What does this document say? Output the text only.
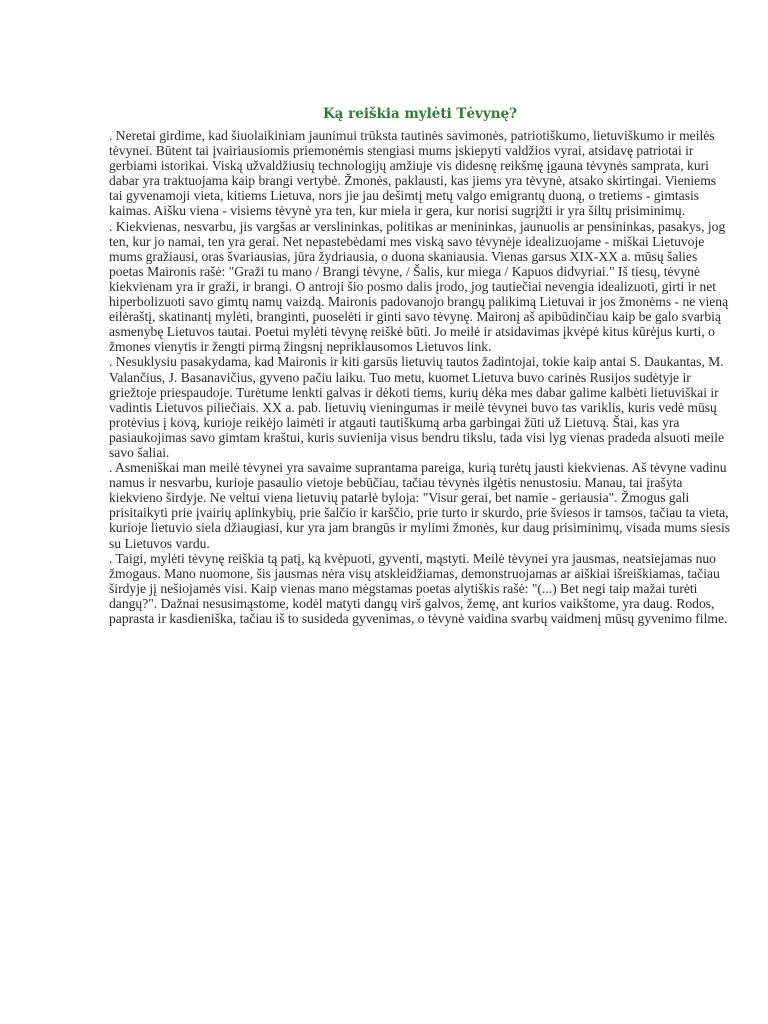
Ką reiškia mylėti Tėvynę?

. Neretai girdime, kad šiuolaikiniam jaunimui trūksta tautinės savimonės, patriotiškumo, lietuviškumo ir meilės tėvynei. Būtent tai įvairiausiomis priemonėmis stengiasi mums įskiepyti valdžios vyrai, atsidavę patriotai ir gerbiami istorikai. Viską užvaldžiusių technologijų amžiuje vis didesnę reikšmę įgauna tėvynės samprata, kuri dabar yra traktuojama kaip brangi vertybė. Žmonės, paklausti, kas jiems yra tėvynė, atsako skirtingai. Vieniems tai gyvenamoji vieta, kitiems Lietuva, nors jie jau dešimtį metų valgo emigrantų duoną, o tretiems - gimtasis kaimas. Aišku viena - visiems tėvynė yra ten, kur miela ir gera, kur norisi sugrįžti ir yra šiltų prisiminimų.

. Kiekvienas, nesvarbu, jis vargšas ar verslininkas, politikas ar menininkas, jaunuolis ar pensininkas, pasakys, jog ten, kur jo namai, ten yra gerai. Net nepastebėdami mes viską savo tėvynėje idealizuojame - miškai Lietuvoje mums gražiausi, oras švariausias, jūra žydriausia, o duona skaniausia. Vienas garsus XIX-XX a. mūsų šalies poetas Maironis rašė: "Graži tu mano / Brangi tėvyne, / Šalis, kur miega / Kapuos didvyriai." Iš tiesų, tėvynė kiekvienam yra ir graži, ir brangi. O antroji šio posmo dalis įrodo, jog tautiečiai nevengia idealizuoti, girti ir net hiperbolizuoti savo gimtų namų vaizdą. Maironis padovanojo brangų palikimą Lietuvai ir jos žmonėms - ne vieną eilėraštį, skatinantį mylėti, branginti, puoselėti ir ginti savo tėvynę. Maironį aš apibūdinčiau kaip be galo svarbią asmenybę Lietuvos tautai. Poetui mylėti tėvynę reiškė būti. Jo meilė ir atsidavimas įkvėpė kitus kūrėjus kurti, o žmones vienytis ir žengti pirmą žingsnį nepriklausomos Lietuvos link.

. Nesuklysiu pasakydama, kad Maironis ir kiti garsūs lietuvių tautos žadintojai, tokie kaip antai S. Daukantas, M. Valančius, J. Basanavičius, gyveno pačiu laiku. Tuo metu, kuomet Lietuva buvo carinės Rusijos sudėtyje ir griežtoje priespaudoje. Turėtume lenkti galvas ir dėkoti tiems, kurių dėka mes dabar galime kalbėti lietuviškai ir vadintis Lietuvos piliečiais. XX a. pab. lietuvių vieningumas ir meilė tėvynei buvo tas variklis, kuris vedė mūsų protėvius į kovą, kurioje reikėjo laimėti ir atgauti tautiškumą arba garbingai žūti už Lietuvą. Štai, kas yra pasiaukojimas savo gimtam kraštui, kuris suvienija visus bendru tikslu, tada visi lyg vienas pradeda alsuoti meile savo šaliai.

. Asmeniškai man meilė tėvynei yra savaime suprantama pareiga, kurią turėtų jausti kiekvienas. Aš tėvyne vadinu namus ir nesvarbu, kurioje pasaulio vietoje bebūčiau, tačiau tėvynės ilgėtis nenustosiu. Manau, tai įrašyta kiekvieno širdyje. Ne veltui viena lietuvių patarlė byloja: "Visur gerai, bet namie - geriausia". Žmogus gali prisitaikyti prie įvairių aplinkybių, prie šalčio ir karščio, prie turto ir skurdo, prie šviesos ir tamsos, tačiau ta vieta, kurioje lietuvio siela džiaugiasi, kur yra jam brangūs ir mylimi žmonės, kur daug prisiminimų, visada mums siesis su Lietuvos vardu.

. Taigi, mylėti tėvynę reiškia tą patį, ką kvėpuoti, gyventi, mąstyti. Meilė tėvynei yra jausmas, neatsiejamas nuo žmogaus. Mano nuomone, šis jausmas nėra visų atskleidžiamas, demonstruojamas ar aiškiai išreiškiamas, tačiau širdyje jį nešiojamės visi. Kaip vienas mano mėgstamas poetas alytiškis rašė: "(...) Bet negi taip mažai turėti dangų?". Dažnai nesusimąstome, kodėl matyti dangų virš galvos, žemę, ant kurios vaikštome, yra daug. Rodos, paprasta ir kasdieniška, tačiau iš to susideda gyvenimas, o tėvynė vaidina svarbų vaidmenį mūsų gyvenimo filme.
